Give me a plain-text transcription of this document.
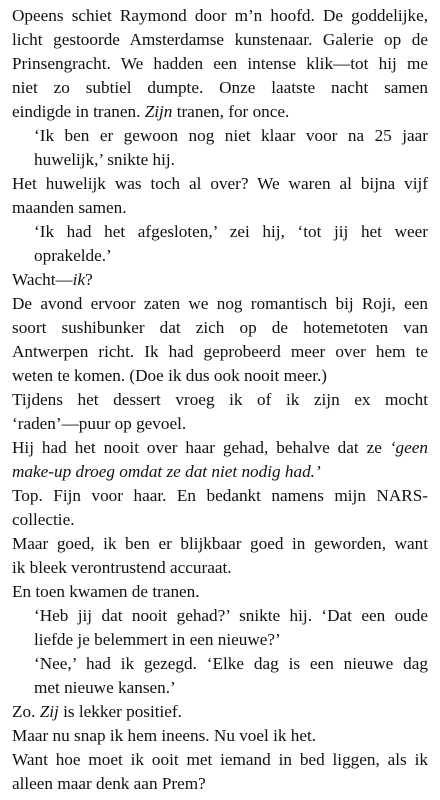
Opeens schiet Raymond door m’n hoofd. De goddelijke,
licht gestoorde Amsterdamse kunstenaar. Galerie op de
Prinsengracht. We hadden een intense klik—tot hij me
niet zo subtiel dumpte. Onze laatste nacht samen
eindigde in tranen. Zijn tranen, for once.

‘Ik ben er gewoon nog niet klaar voor na 25 jaar
huwelijk,’ snikte hij.

Het huwelijk was toch al over? We waren al bijna vijf
maanden samen.

‘Ik had het afgesloten,’ zei hij, ‘tot jij het weer
oprakelde.’

Wacht—ik?

De avond ervoor zaten we nog romantisch bij Roji, een
soort sushibunker dat zich op de hotemetoten van
Antwerpen richt. Ik had geprobeerd meer over hem te
weten te komen. (Doe ik dus ook nooit meer.)

Tijdens het dessert vroeg ik of ik zijn ex mocht
‘raden’—puur op gevoel.

Hij had het nooit over haar gehad, behalve dat ze ‘geen
make-up droeg omdat ze dat niet nodig had.’

Top. Fijn voor haar. En bedankt namens mijn NARS-
collectie.

Maar goed, ik ben er blijkbaar goed in geworden, want
ik bleek verontrustend accuraat.

En toen kwamen de tranen.

‘Heb jij dat nooit gehad?’ snikte hij. ‘Dat een oude
liefde je belemmert in een nieuwe?’

‘Nee,’ had ik gezegd. ‘Elke dag is een nieuwe dag
met nieuwe kansen.’

Zo. Zij is lekker positief.

Maar nu snap ik hem ineens. Nu voel ik het.

Want hoe moet ik ooit met iemand in bed liggen, als ik
alleen maar denk aan Prem?
